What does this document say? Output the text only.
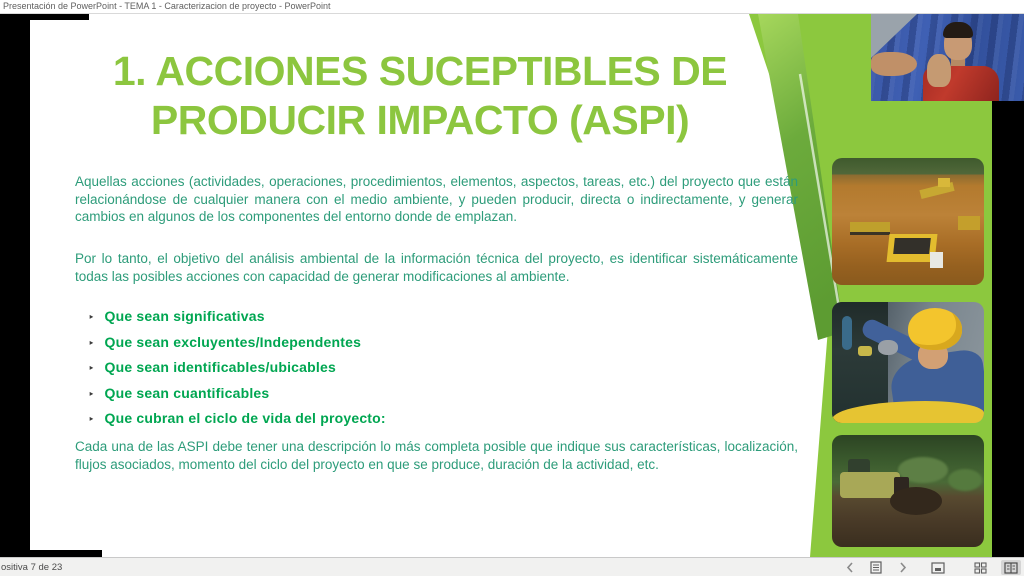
Presentación de PowerPoint - TEMA 1 - Caracterizacion de proyecto - PowerPoint
1. ACCIONES SUCEPTIBLES DE
PRODUCIR IMPACTO (ASPI)

Aquellas acciones (actividades, operaciones, procedimientos, elementos, aspectos, tareas, etc.) del proyecto que están relacionándose de cualquier manera con el medio ambiente, y pueden producir, directa o indirectamente, y generar cambios en algunos de los componentes del entorno donde de emplazan.

Por lo tanto, el objetivo del análisis ambiental de la información técnica del proyecto, es identificar sistemáticamente todas las posibles acciones con capacidad de generar modificaciones al ambiente.

‣ Que sean significativas
‣ Que sean excluyentes/Independentes
‣ Que sean identificables/ubicables
‣ Que sean cuantificables
‣ Que cubran el ciclo de vida del proyecto:

Cada una de las ASPI debe tener una descripción lo más completa posible que indique sus características, localización, flujos asociados, momento del ciclo del proyecto en que se produce, duración de la actividad, etc.

ositiva 7 de 23
